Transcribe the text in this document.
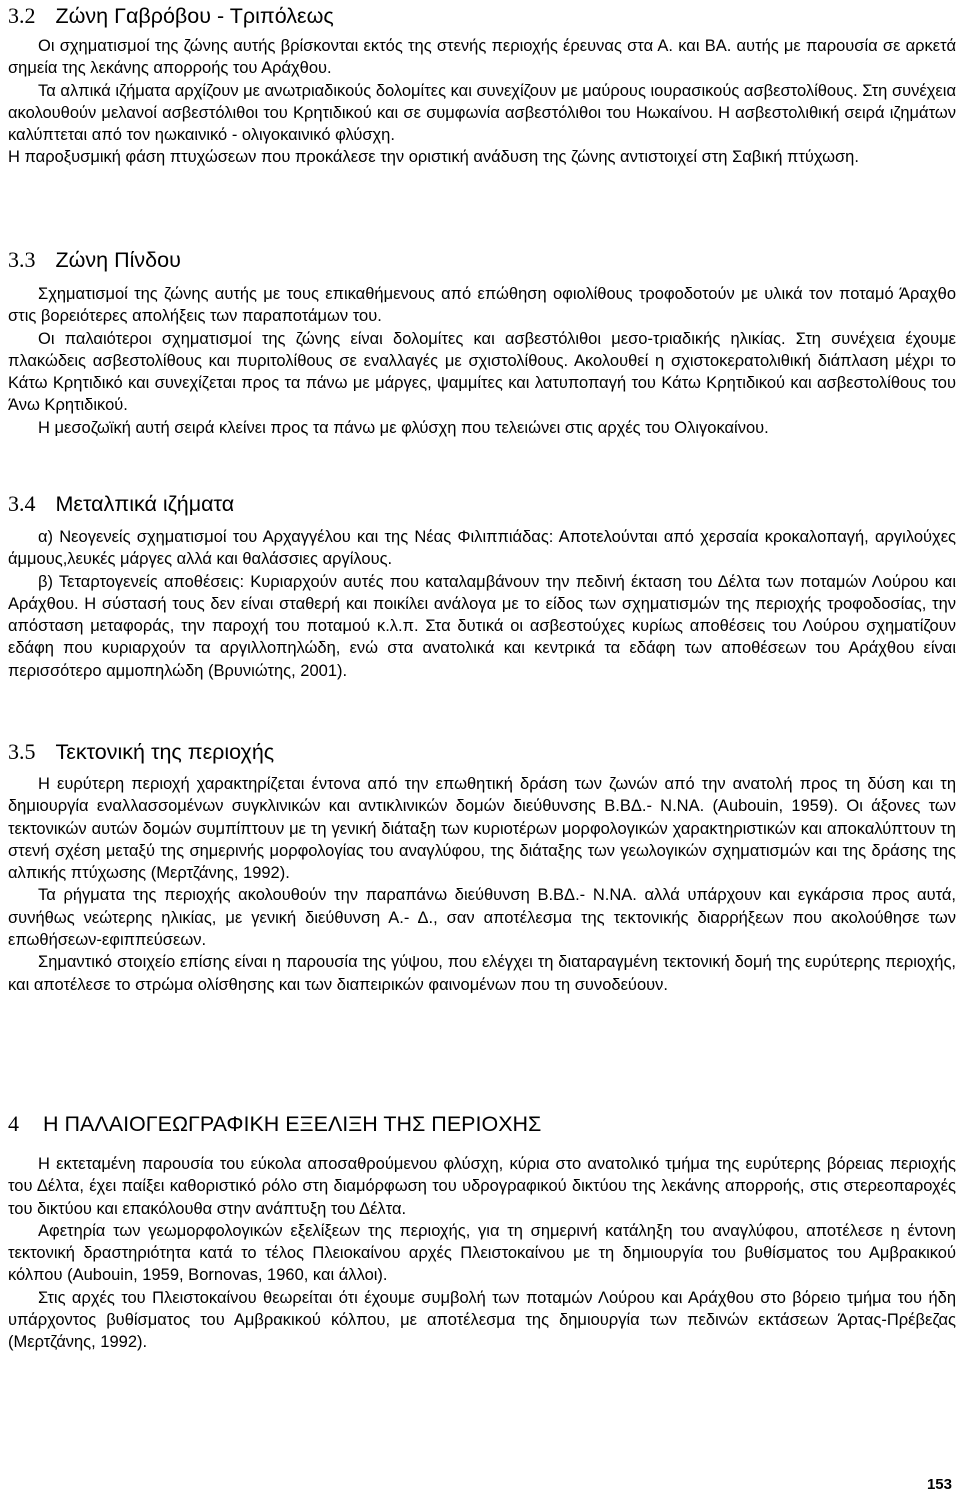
3.2 Ζώνη Γαβρόβου - Τριπόλεως

Οι σχηματισμοί της ζώνης αυτής βρίσκονται εκτός της στενής περιοχής έρευνας στα Α. και ΒΑ. αυτής με παρουσία σε αρκετά σημεία της λεκάνης απορροής του Αράχθου.

Τα αλπικά ιζήματα αρχίζουν με ανωτριαδικούς δολομίτες και συνεχίζουν με μαύρους ιουρασικούς ασβεστολίθους. Στη συνέχεια ακολουθούν μελανοί ασβεστόλιθοι του Κρητιδικού και σε συμφωνία ασβεστόλιθοι του Ηωκαίνου. Η ασβεστολιθική σειρά ιζημάτων καλύπτεται από τον ηωκαινικό - ολιγοκαινικό φλύσχη.

Η παροξυσμική φάση πτυχώσεων που προκάλεσε την οριστική ανάδυση της ζώνης αντιστοιχεί στη Σαβική πτύχωση.

3.3 Ζώνη Πίνδου

Σχηματισμοί της ζώνης αυτής με τους επικαθήμενους από επώθηση οφιολίθους τροφοδοτούν με υλικά τον ποταμό Άραχθο στις βορειότερες απολήξεις των παραποτάμων του.

Οι παλαιότεροι σχηματισμοί της ζώνης είναι δολομίτες και ασβεστόλιθοι μεσο-τριαδικής ηλικίας. Στη συνέχεια έχουμε πλακώδεις ασβεστολίθους και πυριτολίθους σε εναλλαγές με σχιστολίθους. Ακολουθεί η σχιστοκερατολιθική διάπλαση μέχρι το Κάτω Κρητιδικό και συνεχίζεται προς τα πάνω με μάργες, ψαμμίτες και λατυποπαγή του Κάτω Κρητιδικού και ασβεστολίθους του Άνω Κρητιδικού.

Η μεσοζωϊκή αυτή σειρά κλείνει προς τα πάνω με φλύσχη που τελειώνει στις αρχές του Ολιγοκαίνου.

3.4 Μεταλπικά ιζήματα

α) Νεογενείς σχηματισμοί του Αρχαγγέλου και της Νέας Φιλιππιάδας: Αποτελούνται από χερσαία κροκαλοπαγή, αργιλούχες άμμους,λευκές μάργες αλλά και θαλάσσιες αργίλους.

β) Τεταρτογενείς αποθέσεις: Κυριαρχούν αυτές που καταλαμβάνουν την πεδινή έκταση του Δέλτα των ποταμών Λούρου και Αράχθου. Η σύστασή τους δεν είναι σταθερή και ποικίλει ανάλογα με το είδος των σχηματισμών της περιοχής τροφοδοσίας, την απόσταση μεταφοράς, την παροχή του ποταμού κ.λ.π. Στα δυτικά οι ασβεστούχες κυρίως αποθέσεις του Λούρου σχηματίζουν εδάφη που κυριαρχούν τα αργιλλοπηλώδη, ενώ στα ανατολικά και κεντρικά τα εδάφη των αποθέσεων του Αράχθου είναι περισσότερο αμμοπηλώδη (Βρυνιώτης, 2001).

3.5 Τεκτονική της περιοχής

Η ευρύτερη περιοχή χαρακτηρίζεται έντονα από την επωθητική δράση των ζωνών από την ανατολή προς τη δύση και τη δημιουργία εναλλασσομένων συγκλινικών και αντικλινικών δομών διεύθυνσης Β.ΒΔ.- Ν.ΝΑ. (Aubouin, 1959). Οι άξονες των τεκτονικών αυτών δομών συμπίπτουν με τη γενική διάταξη των κυριοτέρων μορφολογικών χαρακτηριστικών και αποκαλύπτουν τη στενή σχέση μεταξύ της σημερινής μορφολογίας του αναγλύφου, της διάταξης των γεωλογικών σχηματισμών και της δράσης της αλπικής πτύχωσης (Μερτζάνης, 1992).

Τα ρήγματα της περιοχής ακολουθούν την παραπάνω διεύθυνση Β.ΒΔ.- Ν.ΝΑ. αλλά υπάρχουν και εγκάρσια προς αυτά, συνήθως νεώτερης ηλικίας, με γενική διεύθυνση Α.- Δ., σαν αποτέλεσμα της τεκτονικής διαρρήξεων που ακολούθησε των επωθήσεων-εφιππεύσεων.

Σημαντικό στοιχείο επίσης είναι η παρουσία της γύψου, που ελέγχει τη διαταραγμένη τεκτονική δομή της ευρύτερης περιοχής, και αποτέλεσε το στρώμα ολίσθησης και των διαπειρικών φαινομένων που τη συνοδεύουν.

4 Η ΠΑΛΑΙΟΓΕΩΓΡΑΦΙΚΗ ΕΞΕΛΙΞΗ ΤΗΣ ΠΕΡΙΟΧΗΣ

Η εκτεταμένη παρουσία του εύκολα αποσαθρούμενου φλύσχη, κύρια στο ανατολικό τμήμα της ευρύτερης βόρειας περιοχής του Δέλτα, έχει παίξει καθοριστικό ρόλο στη διαμόρφωση του υδρογραφικού δικτύου της λεκάνης απορροής, στις στερεοπαροχές του δικτύου και επακόλουθα στην ανάπτυξη του Δέλτα.

Αφετηρία των γεωμορφολογικών εξελίξεων της περιοχής, για τη σημερινή κατάληξη του αναγλύφου, αποτέλεσε η έντονη τεκτονική δραστηριότητα κατά το τέλος Πλειοκαίνου αρχές Πλειστοκαίνου με τη δημιουργία του βυθίσματος του Αμβρακικού κόλπου (Aubouin, 1959, Bornovas, 1960, και άλλοι).

Στις αρχές του Πλειστοκαίνου θεωρείται ότι έχουμε συμβολή των ποταμών Λούρου και Αράχθου στο βόρειο τμήμα του ήδη υπάρχοντος βυθίσματος του Αμβρακικού κόλπου, με αποτέλεσμα της δημιουργία των πεδινών εκτάσεων Άρτας-Πρέβεζας (Μερτζάνης, 1992).

153
